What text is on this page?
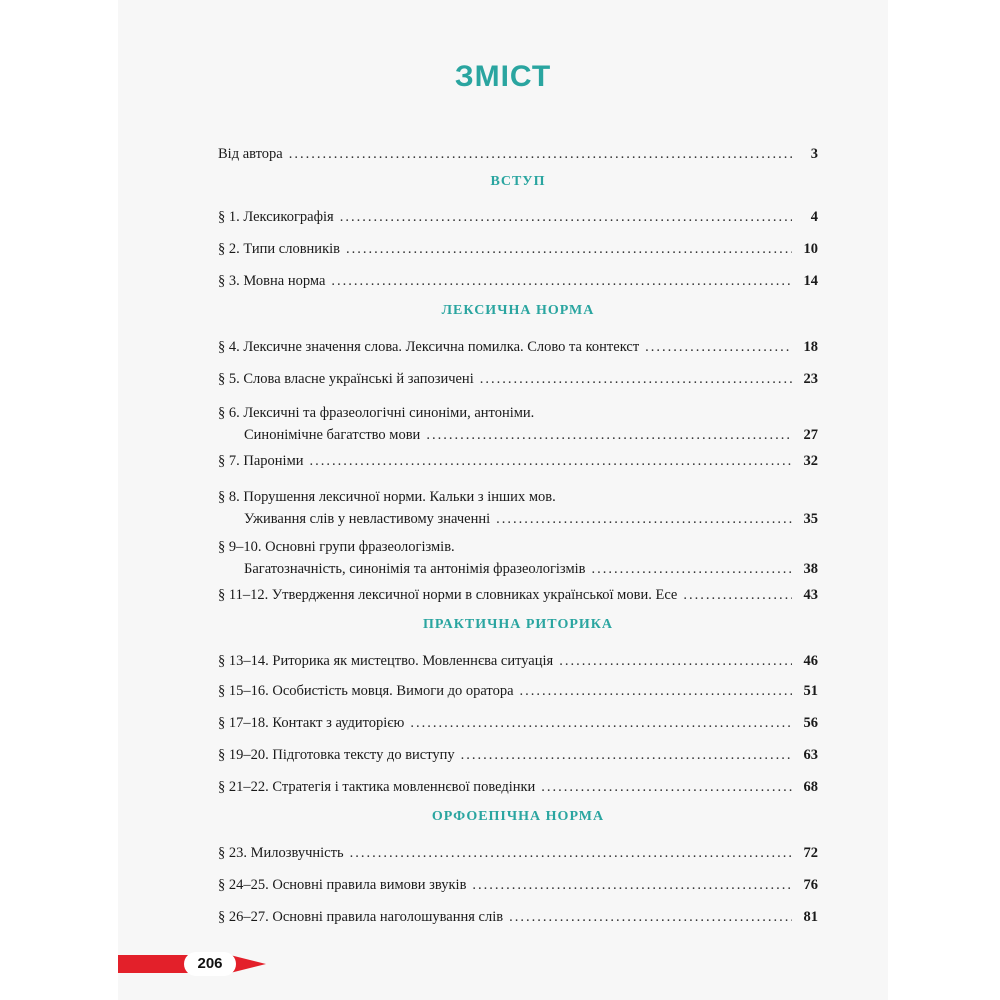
ЗМІСТ
Від автора .....	3
ВСТУП
§ 1. Лексикографія .....	4
§ 2. Типи словників .....	10
§ 3. Мовна норма .....	14
ЛЕКСИЧНА НОРМА
§ 4. Лексичне значення слова. Лексична помилка. Слово та контекст .....	18
§ 5. Слова власне українські й запозичені .....	23
§ 6. Лексичні та фразеологічні синоніми, антоніми.
Синонімічне багатство мови .....	27
§ 7. Пароніми .....	32
§ 8. Порушення лексичної норми. Кальки з інших мов.
Уживання слів у невластивому значенні .....	35
§ 9–10. Основні групи фразеологізмів.
Багатозначність, синонімія та антонімія фразеологізмів .....	38
§ 11–12. Утвердження лексичної норми в словниках української мови. Есе .....	43
ПРАКТИЧНА РИТОРИКА
§ 13–14. Риторика як мистецтво. Мовленнєва ситуація .....	46
§ 15–16. Особистість мовця. Вимоги до оратора .....	51
§ 17–18. Контакт з аудиторією .....	56
§ 19–20. Підготовка тексту до виступу .....	63
§ 21–22. Стратегія і тактика мовленнєвої поведінки .....	68
ОРФОЕПІЧНА НОРМА
§ 23. Милозвучність .....	72
§ 24–25. Основні правила вимови звуків .....	76
§ 26–27. Основні правила наголошування слів .....	81
206
